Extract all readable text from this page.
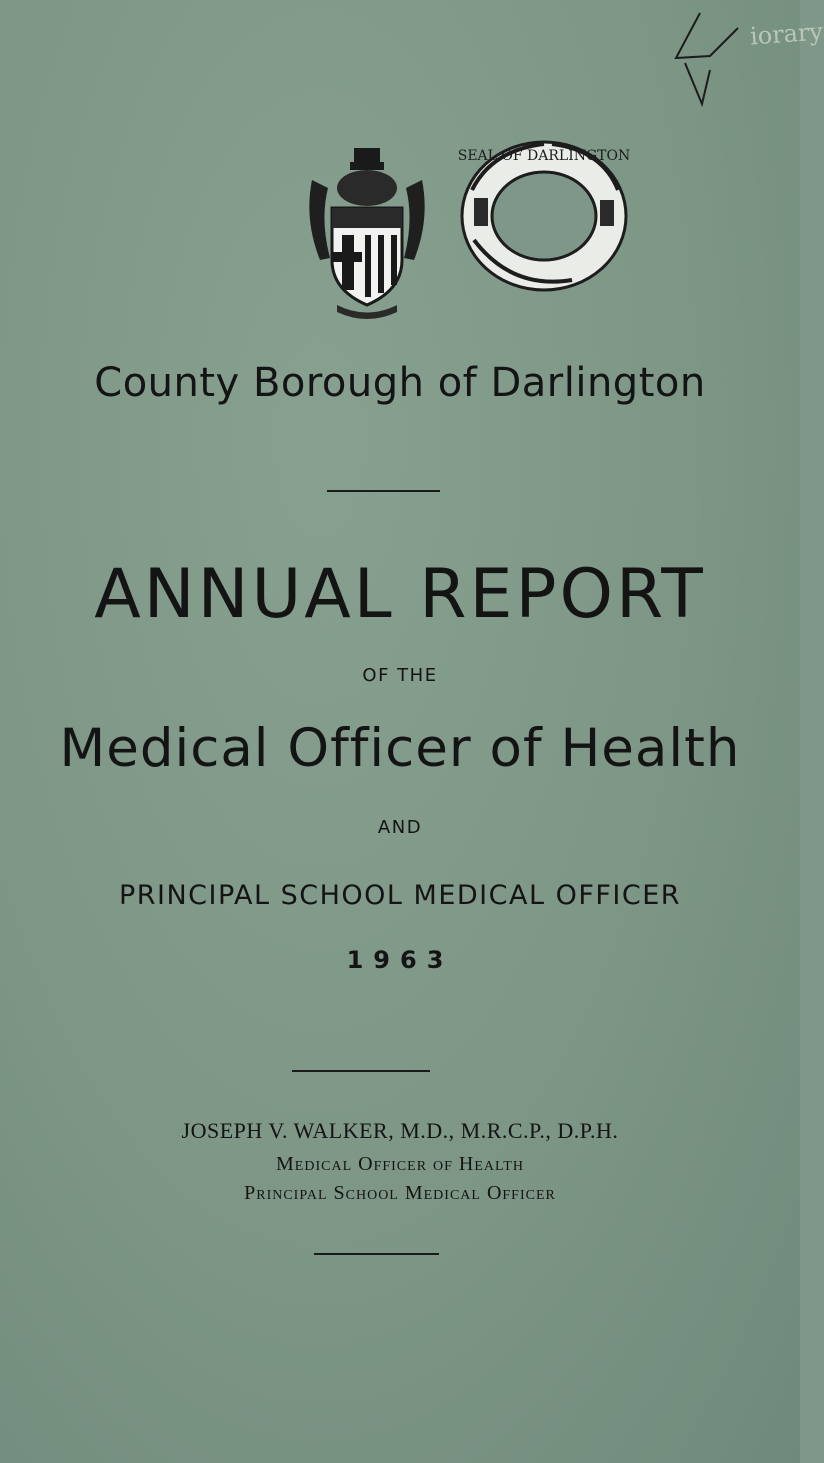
iorary
SEAL OF DARLINGTON
County Borough of Darlington
ANNUAL REPORT
OF THE
Medical Officer of Health
AND
PRINCIPAL SCHOOL MEDICAL OFFICER
1963
JOSEPH V. WALKER, M.D., M.R.C.P., D.P.H.
Medical Officer of Health
Principal School Medical Officer
